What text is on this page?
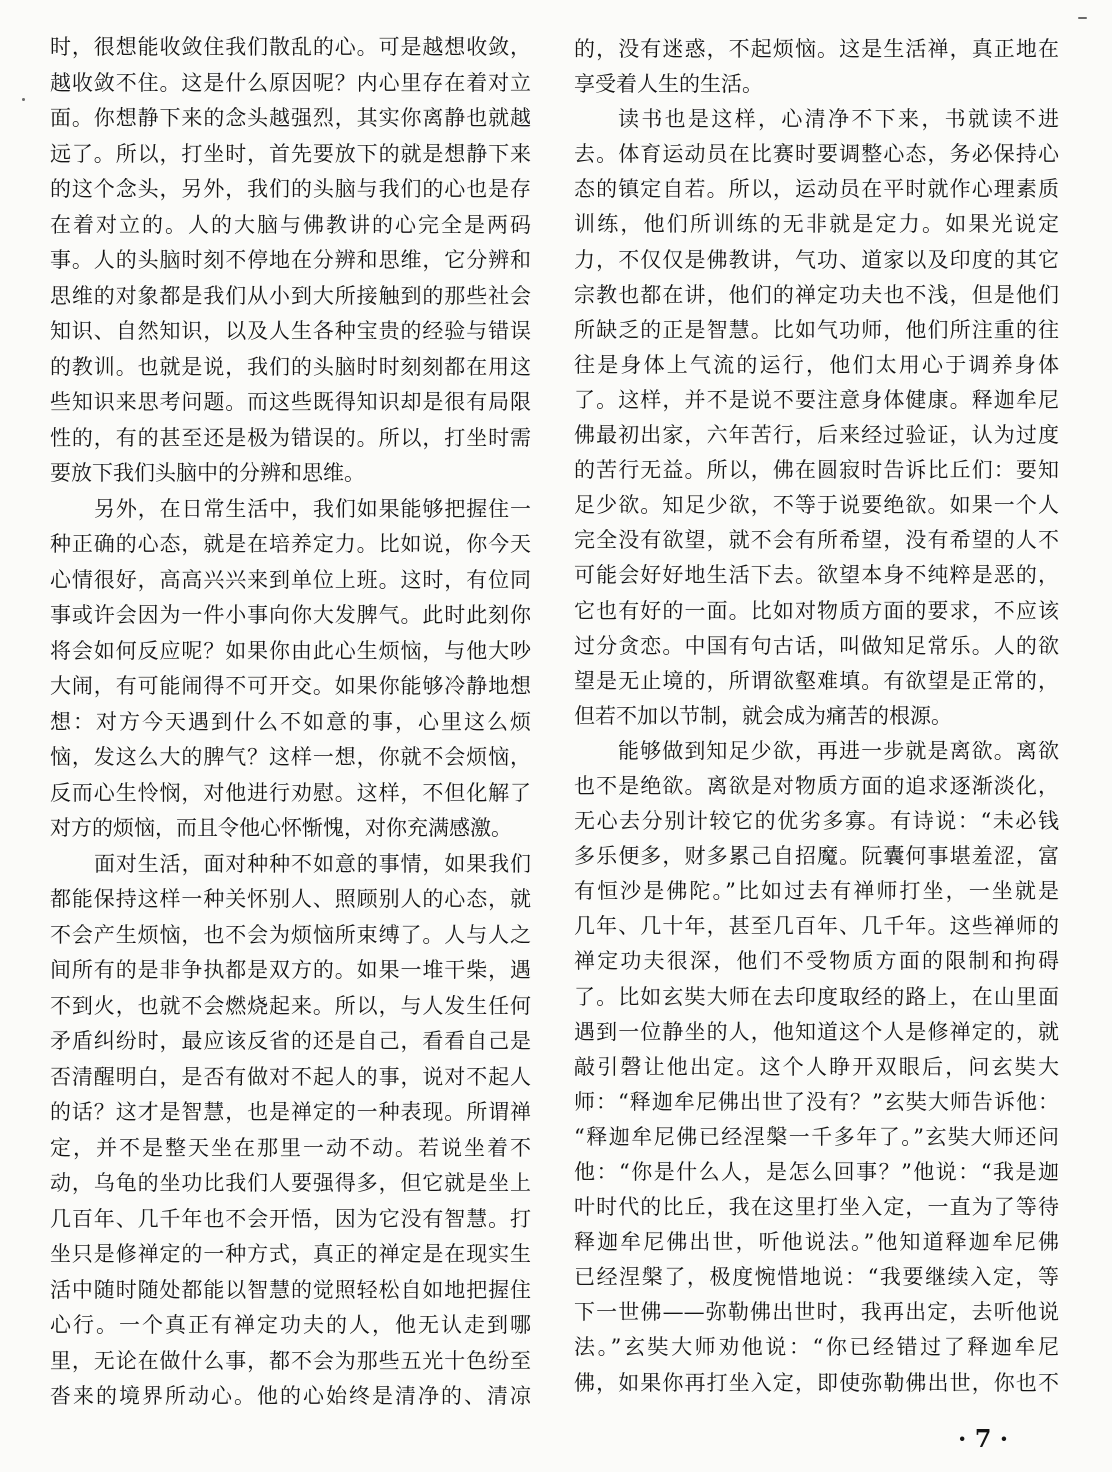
时，很想能收敛住我们散乱的心。可是越想收敛，
越收敛不住。这是什么原因呢？内心里存在着对立
面。你想静下来的念头越强烈，其实你离静也就越
远了。所以，打坐时，首先要放下的就是想静下来
的这个念头，另外，我们的头脑与我们的心也是存
在着对立的。人的大脑与佛教讲的心完全是两码
事。人的头脑时刻不停地在分辨和思维，它分辨和
思维的对象都是我们从小到大所接触到的那些社会
知识、自然知识，以及人生各种宝贵的经验与错误
的教训。也就是说，我们的头脑时时刻刻都在用这
些知识来思考问题。而这些既得知识却是很有局限
性的，有的甚至还是极为错误的。所以，打坐时需
要放下我们头脑中的分辨和思维。
另外，在日常生活中，我们如果能够把握住一
种正确的心态，就是在培养定力。比如说，你今天
心情很好，高高兴兴来到单位上班。这时，有位同
事或许会因为一件小事向你大发脾气。此时此刻你
将会如何反应呢？如果你由此心生烦恼，与他大吵
大闹，有可能闹得不可开交。如果你能够冷静地想
想：对方今天遇到什么不如意的事，心里这么烦
恼，发这么大的脾气？这样一想，你就不会烦恼，
反而心生怜悯，对他进行劝慰。这样，不但化解了
对方的烦恼，而且令他心怀惭愧，对你充满感激。
面对生活，面对种种不如意的事情，如果我们
都能保持这样一种关怀别人、照顾别人的心态，就
不会产生烦恼，也不会为烦恼所束缚了。人与人之
间所有的是非争执都是双方的。如果一堆干柴，遇
不到火，也就不会燃烧起来。所以，与人发生任何
矛盾纠纷时，最应该反省的还是自己，看看自己是
否清醒明白，是否有做对不起人的事，说对不起人
的话？这才是智慧，也是禅定的一种表现。所谓禅
定，并不是整天坐在那里一动不动。若说坐着不
动，乌龟的坐功比我们人要强得多，但它就是坐上
几百年、几千年也不会开悟，因为它没有智慧。打
坐只是修禅定的一种方式，真正的禅定是在现实生
活中随时随处都能以智慧的觉照轻松自如地把握住
心行。一个真正有禅定功夫的人，他无认走到哪
里，无论在做什么事，都不会为那些五光十色纷至
沓来的境界所动心。他的心始终是清净的、清凉
的，没有迷惑，不起烦恼。这是生活禅，真正地在
享受着人生的生活。
读书也是这样，心清净不下来，书就读不进
去。体育运动员在比赛时要调整心态，务必保持心
态的镇定自若。所以，运动员在平时就作心理素质
训练，他们所训练的无非就是定力。如果光说定
力，不仅仅是佛教讲，气功、道家以及印度的其它
宗教也都在讲，他们的禅定功夫也不浅，但是他们
所缺乏的正是智慧。比如气功师，他们所注重的往
往是身体上气流的运行，他们太用心于调养身体
了。这样，并不是说不要注意身体健康。释迦牟尼
佛最初出家，六年苦行，后来经过验证，认为过度
的苦行无益。所以，佛在圆寂时告诉比丘们：要知
足少欲。知足少欲，不等于说要绝欲。如果一个人
完全没有欲望，就不会有所希望，没有希望的人不
可能会好好地生活下去。欲望本身不纯粹是恶的，
它也有好的一面。比如对物质方面的要求，不应该
过分贪恋。中国有句古话，叫做知足常乐。人的欲
望是无止境的，所谓欲壑难填。有欲望是正常的，
但若不加以节制，就会成为痛苦的根源。
能够做到知足少欲，再进一步就是离欲。离欲
也不是绝欲。离欲是对物质方面的追求逐渐淡化，
无心去分别计较它的优劣多寡。有诗说：“未必钱
多乐便多，财多累己自招魔。阮囊何事堪羞涩，富
有恒沙是佛陀。”比如过去有禅师打坐，一坐就是
几年、几十年，甚至几百年、几千年。这些禅师的
禅定功夫很深，他们不受物质方面的限制和拘碍
了。比如玄奘大师在去印度取经的路上，在山里面
遇到一位静坐的人，他知道这个人是修禅定的，就
敲引磬让他出定。这个人睁开双眼后，问玄奘大
师：“释迦牟尼佛出世了没有？”玄奘大师告诉他：
“释迦牟尼佛已经涅槃一千多年了。”玄奘大师还问
他：“你是什么人，是怎么回事？”他说：“我是迦
叶时代的比丘，我在这里打坐入定，一直为了等待
释迦牟尼佛出世，听他说法。”他知道释迦牟尼佛
已经涅槃了，极度惋惜地说：“我要继续入定，等
下一世佛——弥勒佛出世时，我再出定，去听他说
法。”玄奘大师劝他说：“你已经错过了释迦牟尼
佛，如果你再打坐入定，即使弥勒佛出世，你也不
· 7 ·
